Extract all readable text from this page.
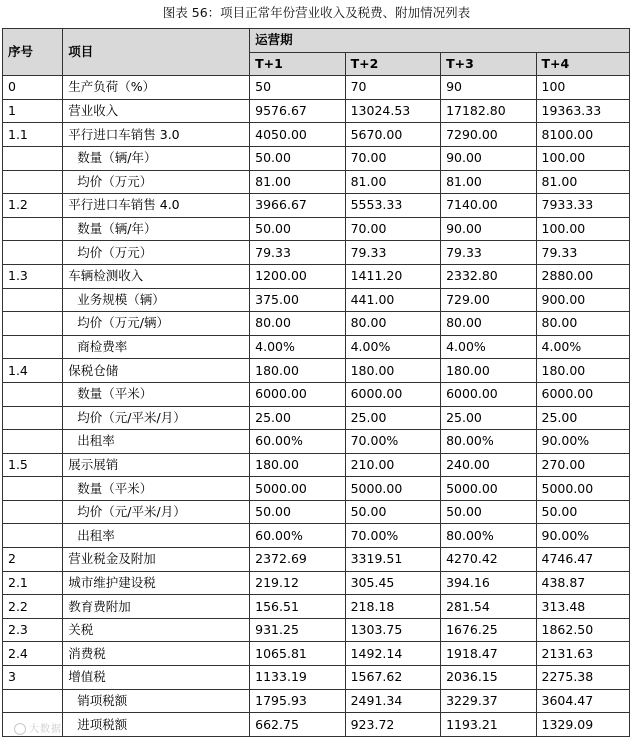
图表 56：项目正常年份营业收入及税费、附加情况列表
序号	项目	运营期			
		T+1	T+2	T+3	T+4
0	生产负荷（%）	50	70	90	100
1	营业收入	9576.67	13024.53	17182.80	19363.33
1.1	平行进口车销售 3.0	4050.00	5670.00	7290.00	8100.00
	数量（辆/年）	50.00	70.00	90.00	100.00
	均价（万元）	81.00	81.00	81.00	81.00
1.2	平行进口车销售 4.0	3966.67	5553.33	7140.00	7933.33
	数量（辆/年）	50.00	70.00	90.00	100.00
	均价（万元）	79.33	79.33	79.33	79.33
1.3	车辆检测收入	1200.00	1411.20	2332.80	2880.00
	业务规模（辆）	375.00	441.00	729.00	900.00
	均价（万元/辆）	80.00	80.00	80.00	80.00
	商检费率	4.00%	4.00%	4.00%	4.00%
1.4	保税仓储	180.00	180.00	180.00	180.00
	数量（平米）	6000.00	6000.00	6000.00	6000.00
	均价（元/平米/月）	25.00	25.00	25.00	25.00
	出租率	60.00%	70.00%	80.00%	90.00%
1.5	展示展销	180.00	210.00	240.00	270.00
	数量（平米）	5000.00	5000.00	5000.00	5000.00
	均价（元/平米/月）	50.00	50.00	50.00	50.00
	出租率	60.00%	70.00%	80.00%	90.00%
2	营业税金及附加	2372.69	3319.51	4270.42	4746.47
2.1	城市维护建设税	219.12	305.45	394.16	438.87
2.2	教育费附加	156.51	218.18	281.54	313.48
2.3	关税	931.25	1303.75	1676.25	1862.50
2.4	消费税	1065.81	1492.14	1918.47	2131.63
3	增值税	1133.19	1567.62	2036.15	2275.38
	销项税额	1795.93	2491.34	3229.37	3604.47
	进项税额	662.75	923.72	1193.21	1329.09
大数据
